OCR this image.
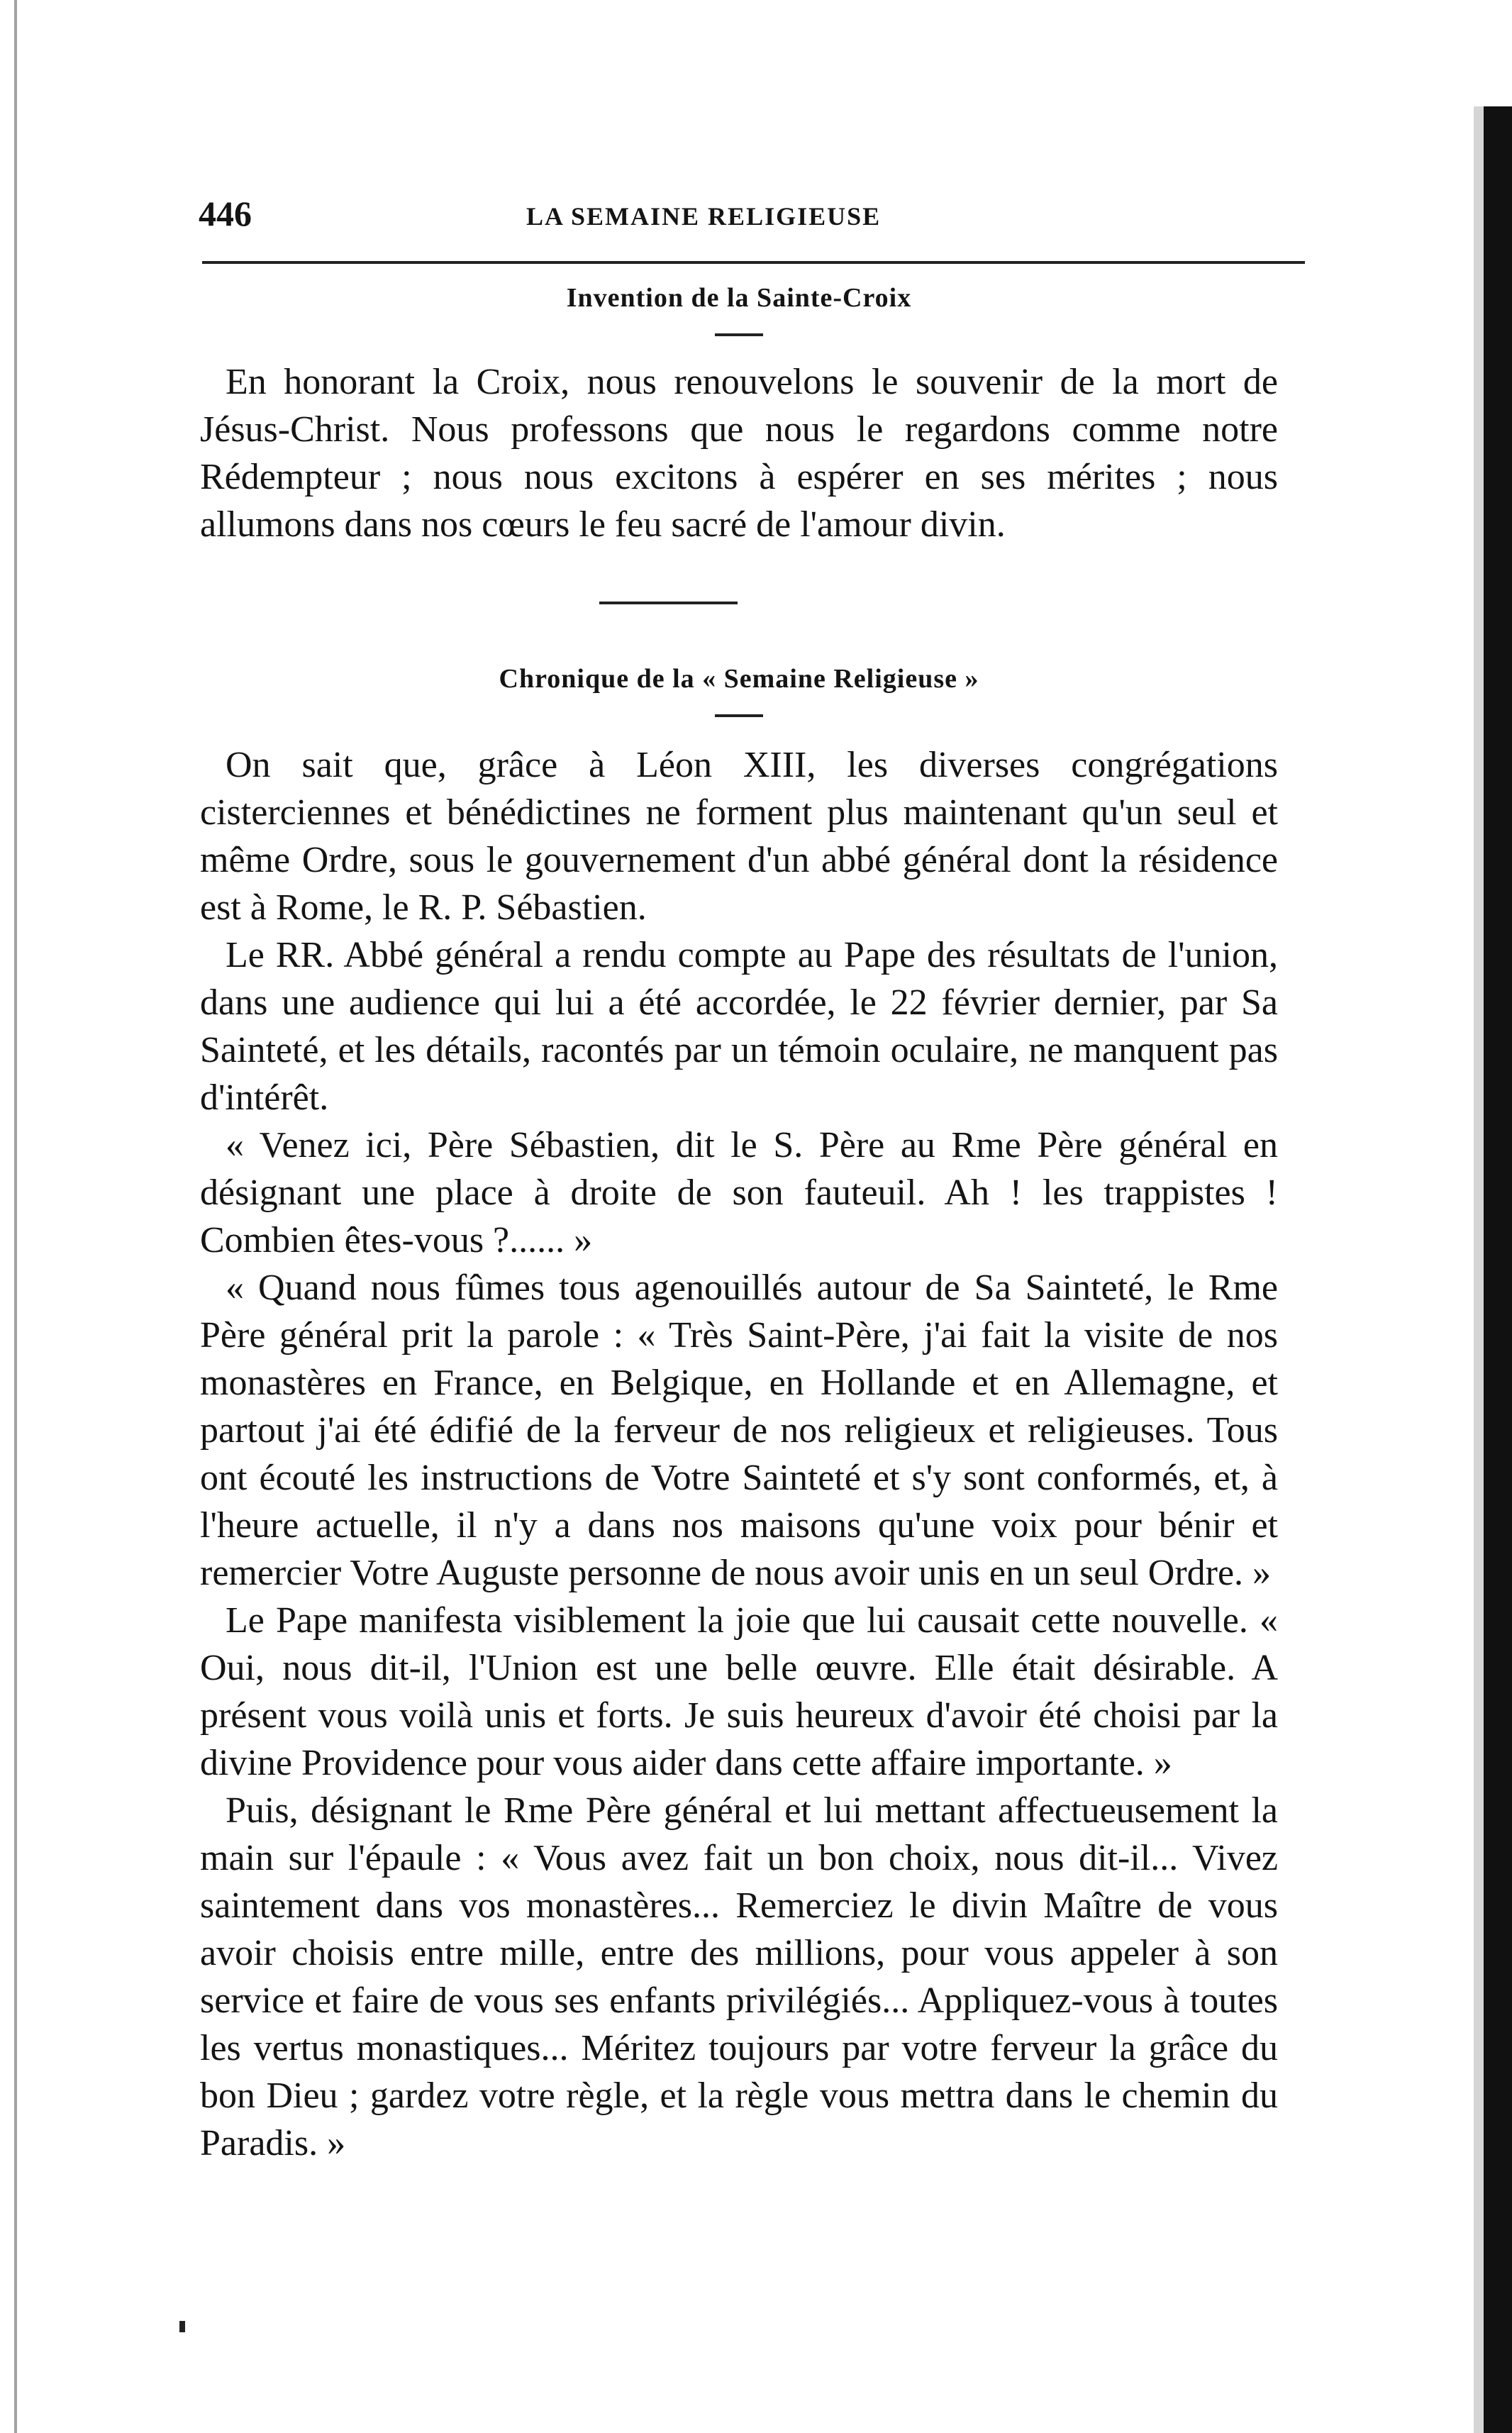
446	LA SEMAINE RELIGIEUSE
Invention de la Sainte-Croix

En honorant la Croix, nous renouvelons le souvenir de la mort de Jésus-Christ. Nous professons que nous le regardons comme notre Rédempteur ; nous nous excitons à espérer en ses mérites ; nous allumons dans nos cœurs le feu sacré de l'amour divin.

Chronique de la « Semaine Religieuse »

On sait que, grâce à Léon XIII, les diverses congrégations cisterciennes et bénédictines ne forment plus maintenant qu'un seul et même Ordre, sous le gouvernement d'un abbé général dont la résidence est à Rome, le R. P. Sébastien.

Le RR. Abbé général a rendu compte au Pape des résultats de l'union, dans une audience qui lui a été accordée, le 22 février dernier, par Sa Sainteté, et les détails, racontés par un témoin oculaire, ne manquent pas d'intérêt.

« Venez ici, Père Sébastien, dit le S. Père au Rme Père général en désignant une place à droite de son fauteuil. Ah ! les trappistes ! Combien êtes-vous ?...... »

« Quand nous fûmes tous agenouillés autour de Sa Sainteté, le Rme Père général prit la parole : « Très Saint-Père, j'ai fait la visite de nos monastères en France, en Belgique, en Hollande et en Allemagne, et partout j'ai été édifié de la ferveur de nos religieux et religieuses. Tous ont écouté les instructions de Votre Sainteté et s'y sont conformés, et, à l'heure actuelle, il n'y a dans nos maisons qu'une voix pour bénir et remercier Votre Auguste personne de nous avoir unis en un seul Ordre. »

Le Pape manifesta visiblement la joie que lui causait cette nouvelle. « Oui, nous dit-il, l'Union est une belle œuvre. Elle était désirable. A présent vous voilà unis et forts. Je suis heureux d'avoir été choisi par la divine Providence pour vous aider dans cette affaire importante. »

Puis, désignant le Rme Père général et lui mettant affectueusement la main sur l'épaule : « Vous avez fait un bon choix, nous dit-il... Vivez saintement dans vos monastères... Remerciez le divin Maître de vous avoir choisis entre mille, entre des millions, pour vous appeler à son service et faire de vous ses enfants privilégiés... Appliquez-vous à toutes les vertus monastiques... Méritez toujours par votre ferveur la grâce du bon Dieu ; gardez votre règle, et la règle vous mettra dans le chemin du Paradis. »
